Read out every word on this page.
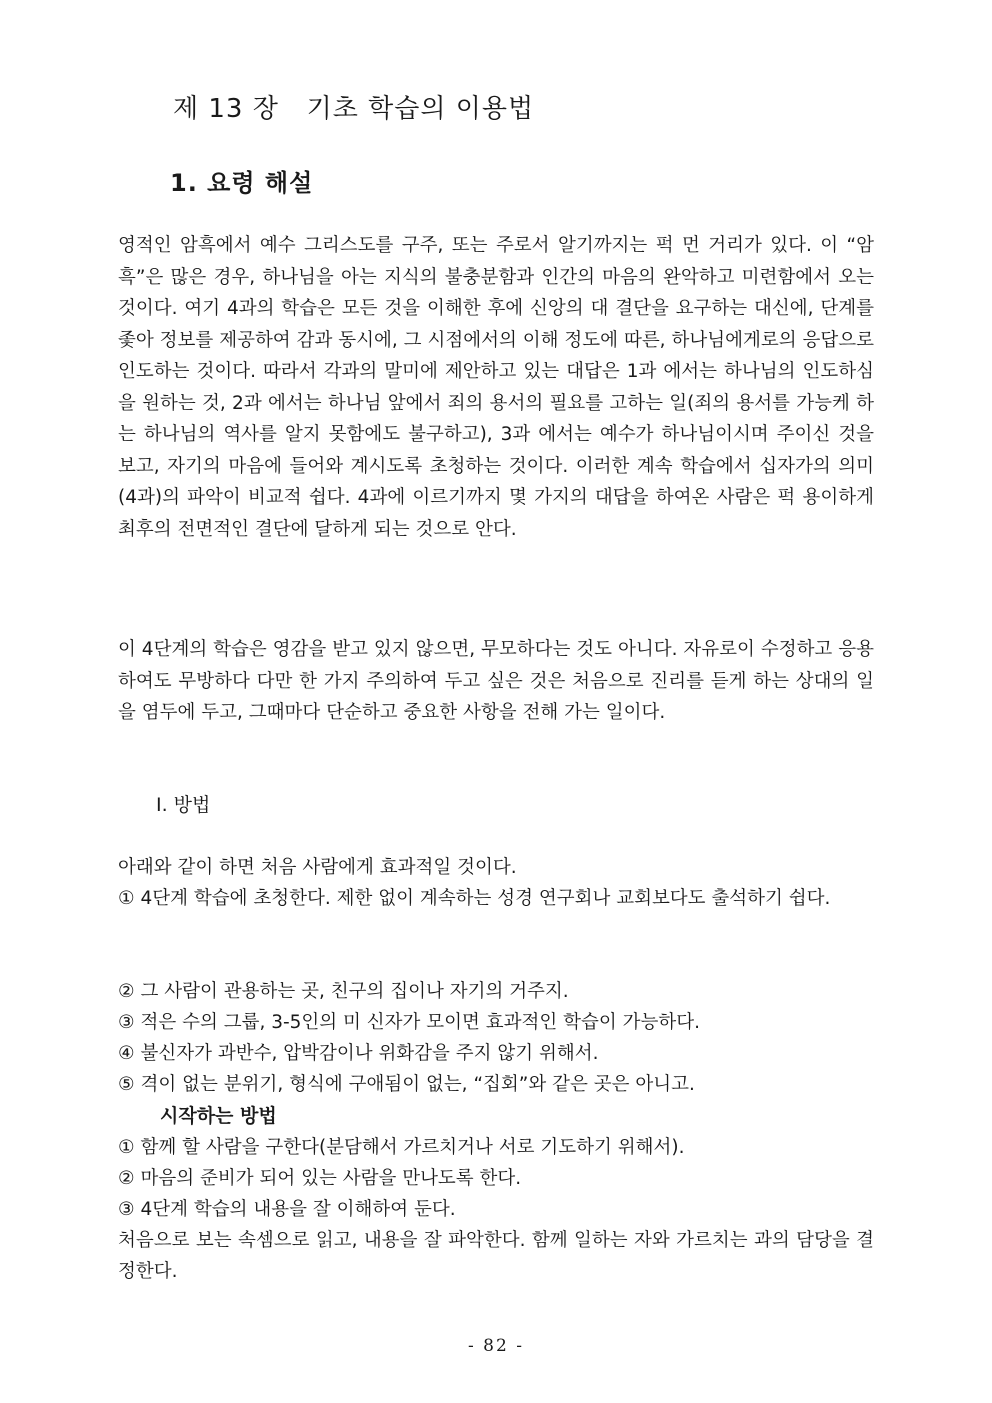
제 13 장   기초 학습의 이용법
1. 요령 해설

영적인 암흑에서 예수 그리스도를 구주, 또는 주로서 알기까지는 퍽 먼 거리가 있다. 이 “암흑”은 많은 경우, 하나님을 아는 지식의 불충분함과 인간의 마음의 완악하고 미련함에서 오는 것이다. 여기 4과의 학습은 모든 것을 이해한 후에 신앙의 대 결단을 요구하는 대신에, 단계를 좇아 정보를 제공하여 감과 동시에, 그 시점에서의 이해 정도에 따른, 하나님에게로의 응답으로 인도하는 것이다. 따라서 각과의 말미에 제안하고 있는 대답은 1과 에서는 하나님의 인도하심을 원하는 것, 2과 에서는 하나님 앞에서 죄의 용서의 필요를 고하는 일(죄의 용서를 가능케 하는 하나님의 역사를 알지 못함에도 불구하고), 3과 에서는 예수가 하나님이시며 주이신 것을 보고, 자기의 마음에 들어와 계시도록 초청하는 것이다. 이러한 계속 학습에서 십자가의 의미(4과)의 파악이 비교적 쉽다. 4과에 이르기까지 몇 가지의 대답을 하여온 사람은 퍽 용이하게 최후의 전면적인 결단에 달하게 되는 것으로 안다.

이 4단계의 학습은 영감을 받고 있지 않으면, 무모하다는 것도 아니다. 자유로이 수정하고 응용하여도 무방하다 다만 한 가지 주의하여 두고 싶은 것은 처음으로 진리를 듣게 하는 상대의 일을 염두에 두고, 그때마다 단순하고 중요한 사항을 전해 가는 일이다.

Ⅰ. 방법

아래와 같이 하면 처음 사람에게 효과적일 것이다.

① 4단계 학습에 초청한다. 제한 없이 계속하는 성경 연구회나 교회보다도 출석하기 쉽다.

② 그 사람이 관용하는 곳, 친구의 집이나 자기의 거주지.

③ 적은 수의 그룹, 3-5인의 미 신자가 모이면 효과적인 학습이 가능하다.

④ 불신자가 과반수, 압박감이나 위화감을 주지 않기 위해서.

⑤ 격이 없는 분위기, 형식에 구애됨이 없는, “집회”와 같은 곳은 아니고.

시작하는 방법

① 함께 할 사람을 구한다(분담해서 가르치거나 서로 기도하기 위해서).

② 마음의 준비가 되어 있는 사람을 만나도록 한다.

③ 4단계 학습의 내용을 잘 이해하여 둔다.

처음으로 보는 속셈으로 읽고, 내용을 잘 파악한다. 함께 일하는 자와 가르치는 과의 담당을 결정한다.

- 82 -
